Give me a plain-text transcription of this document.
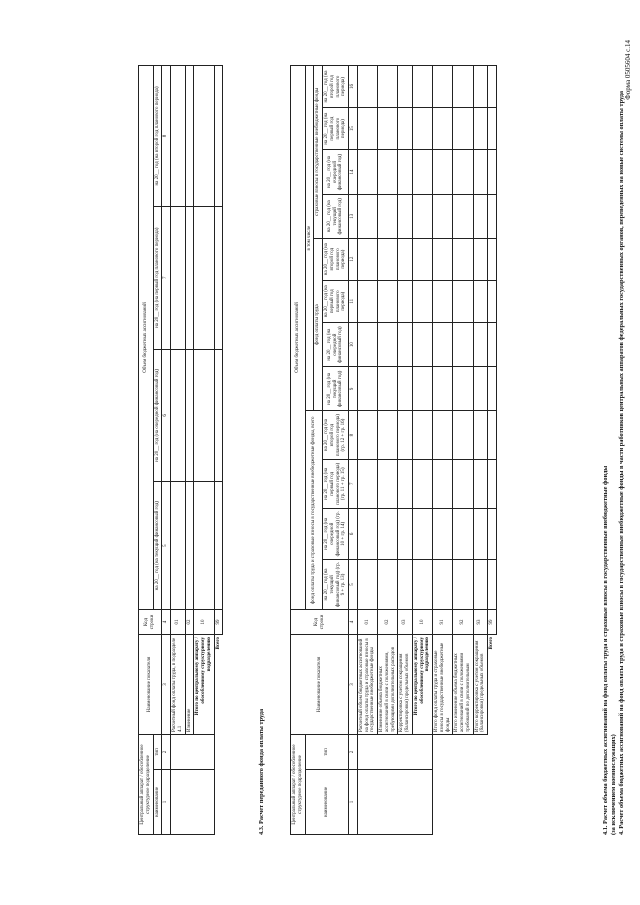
Форма 0505604 с.14
4. Расчет объема бюджетных ассигнований на фонд оплаты труда и страховые взносы в государственные внебюджетные фонды в части работников центральных аппаратов федеральных государственных органов, переведенных на новые системы оплаты труда
(за исключением военнослужащих)
4.1. Расчет объема бюджетных ассигнований на фонд оплаты труда и страховые взносы в государственные внебюджетные фонды
Центральный аппарат / обособленное структурное подразделение		Наименование показателя	Код строки	Объем бюджетных ассигнований											
наименование	тип			фонд оплаты труда и страховые взносы в государственные внебюджетные фонды, всего				в том числе							
								фонд оплаты труда				страховые взносы в государственные внебюджетные фонды			
				на 20__ год (на текущий финансовый год) (гр. 9 + гр. 13)	на 20__ год (на очередной финансовый год) (гр. 10 + гр. 14)	на 20__ год (на первый год планового периода) (гр. 11 + гр. 15)	на 20__ год (на второй год планового периода) (гр. 12 + гр. 16)	на 20__ год (на текущий финансовый год)	на 20__ год (на очередной финансовый год)	на 20__ год (на первый год планового периода)	на 20__ год (на второй год планового периода)	на 20__ год (на текущий финансовый год)	на 20__ год (на очередной финансовый год)	на 20__ год (на первый год планового периода)	на 20__ год (на второй год планового периода)
1	2	3	4	5	6	7	8	9	10	11	12	13	14	15	16
		Расчетный объем бюджетных ассигнований на фонд оплаты труда и страховые взносы в государственные внебюджетные фонды	01												
		Изменение объема бюджетных ассигнований в связи с положениями, требующими дополнительных расходов	02												
		Корректировка с учетом сокращения (балансировки) предельных объемов	03												
		Итого по центральному аппарату / обособленному структурному подразделению	10												
		Итого фонд оплаты труда и страховые взносы в государственные внебюджетные фонды	91												
		Итого изменение объема бюджетных ассигнований в связи с положениями требований по дополнительным	92												
		Итого корректировка с учетом сокращения (балансировки) предельных объемов	93												
		Всего	99												
4.3. Расчет переданного фонда оплаты труда
Центральный аппарат / обособленное структурное подразделение		Наименование показателя	Код строки	Объем бюджетных ассигнований			
наименование	тип			на 20__ год (на текущий финансовый год)	на 20__ год (на очередной финансовый год)	на 20__ год (на первый год планового периода)	на 20__ год (на второй год планового периода)
1	2	3	4	5	6	7	8
		Расчетный фонд оплаты труда, в подразделе 4.1	01				
		Изменение	02				
		Итого по центральному аппарату / обособленному структурному подразделению	10				
		Всего	99				
